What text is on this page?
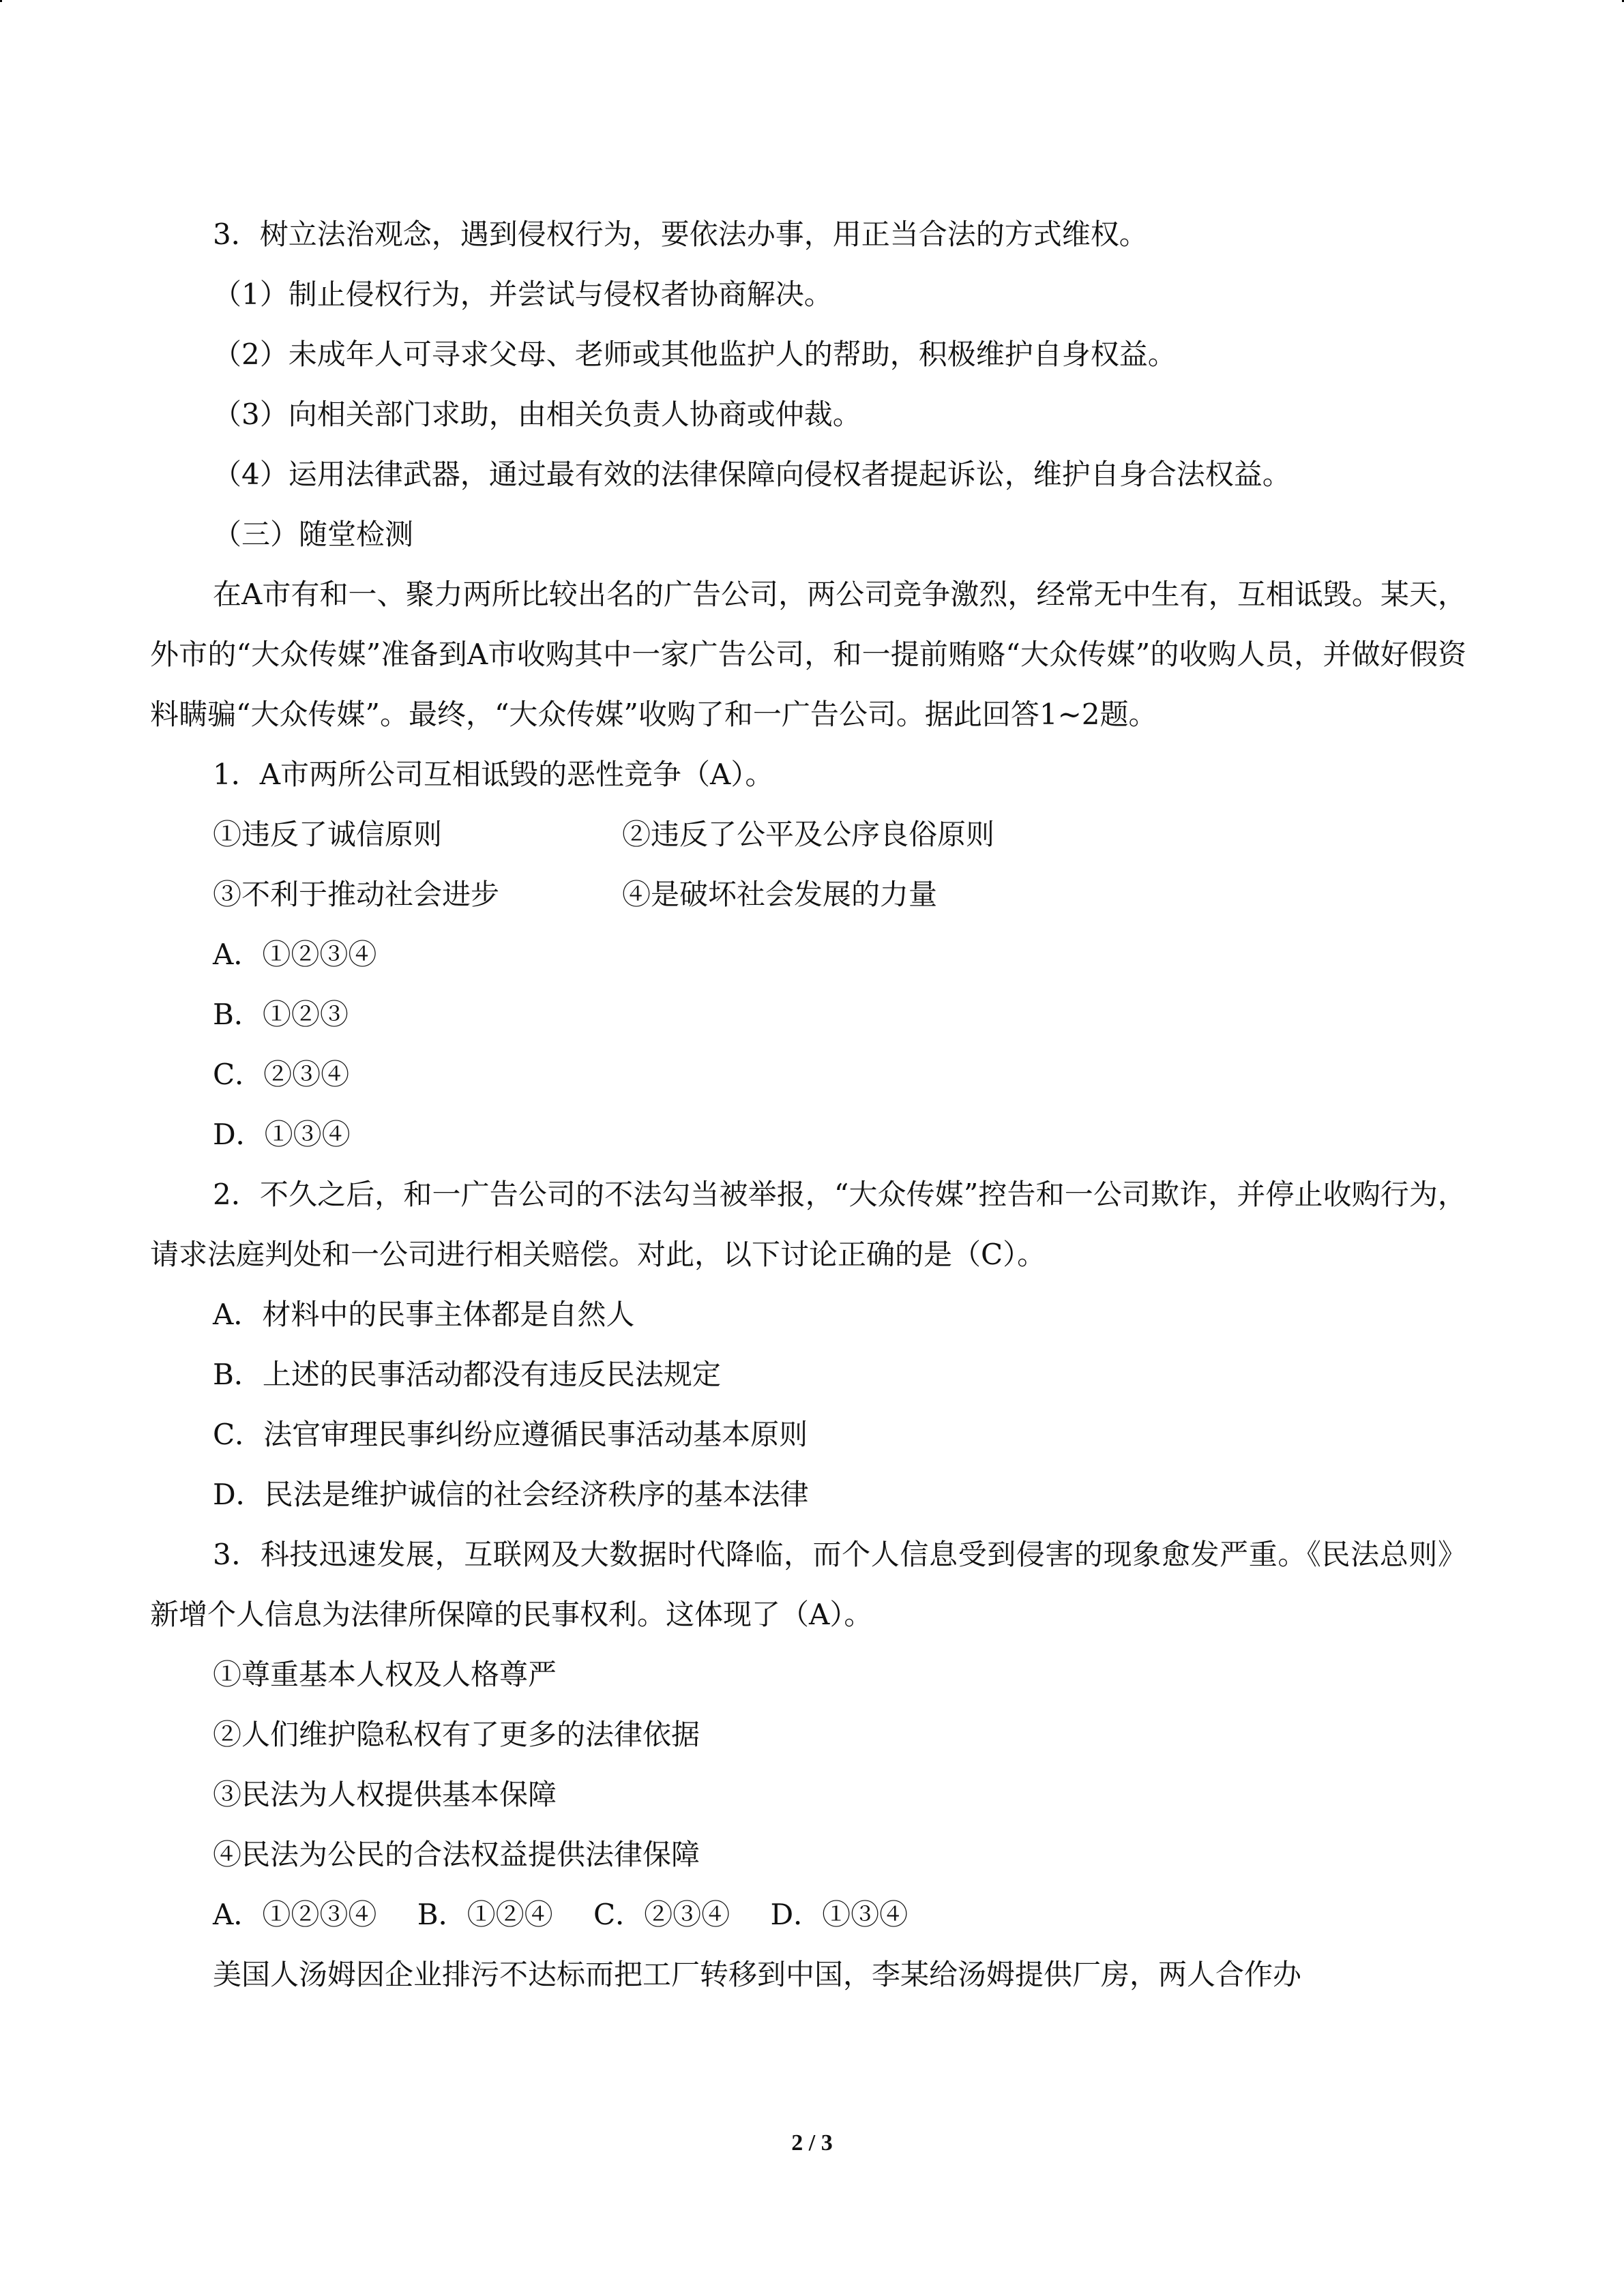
3．树立法治观念，遇到侵权行为，要依法办事，用正当合法的方式维权。

（1）制止侵权行为，并尝试与侵权者协商解决。

（2）未成年人可寻求父母、老师或其他监护人的帮助，积极维护自身权益。

（3）向相关部门求助，由相关负责人协商或仲裁。

（4）运用法律武器，通过最有效的法律保障向侵权者提起诉讼，维护自身合法权益。

（三）随堂检测

在A市有和一、聚力两所比较出名的广告公司，两公司竞争激烈，经常无中生有，互相诋毁。某天，外市的“大众传媒”准备到A市收购其中一家广告公司，和一提前贿赂“大众传媒”的收购人员，并做好假资料瞒骗“大众传媒”。最终，“大众传媒”收购了和一广告公司。据此回答1~2题。

1．A市两所公司互相诋毁的恶性竞争（A）。

①违反了诚信原则	②违反了公平及公序良俗原则
③不利于推动社会进步	④是破坏社会发展的力量

A．①②③④

B．①②③

C．②③④

D．①③④

2．不久之后，和一广告公司的不法勾当被举报，“大众传媒”控告和一公司欺诈，并停止收购行为，请求法庭判处和一公司进行相关赔偿。对此，以下讨论正确的是（C）。

A．材料中的民事主体都是自然人

B．上述的民事活动都没有违反民法规定

C．法官审理民事纠纷应遵循民事活动基本原则

D．民法是维护诚信的社会经济秩序的基本法律

3．科技迅速发展，互联网及大数据时代降临，而个人信息受到侵害的现象愈发严重。《民法总则》新增个人信息为法律所保障的民事权利。这体现了（A）。

①尊重基本人权及人格尊严

②人们维护隐私权有了更多的法律依据

③民法为人权提供基本保障

④民法为公民的合法权益提供法律保障

A．①②③④ B．①②④ C．②③④ D．①③④

美国人汤姆因企业排污不达标而把工厂转移到中国，李某给汤姆提供厂房，两人合作办

2 / 3
